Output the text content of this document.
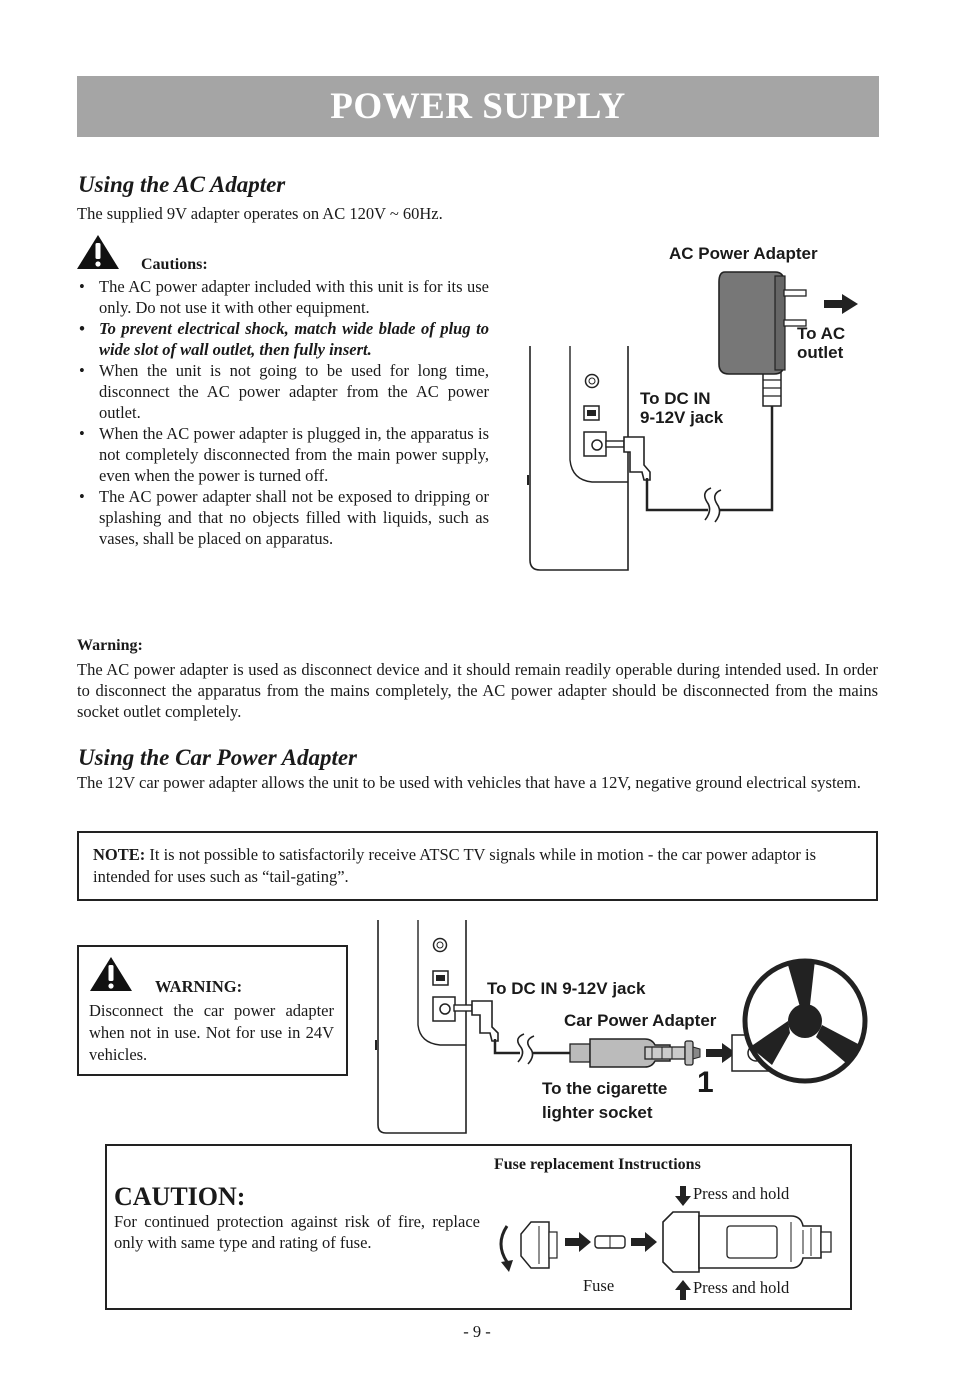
POWER SUPPLY
Using the AC Adapter
The supplied 9V adapter operates on AC 120V ~ 60Hz.
Cautions:
• The AC power adapter included with this unit is for its use only. Do not use it with other equipment.
• To prevent electrical shock, match wide blade of plug to wide slot of wall outlet, then fully insert.
• When the unit is not going to be used for long time, disconnect the AC power adapter from the AC power outlet.
• When the AC power adapter is plugged in, the apparatus is not completely disconnected from the main power supply, even when the power is turned off.
• The AC power adapter shall not be exposed to dripping or splashing and that no objects filled with liquids, such as vases, shall be placed on apparatus.
Warning:
The AC power adapter is used as disconnect device and it should remain readily operable during intended used. In order to disconnect the apparatus from the mains completely, the AC power adapter should be disconnected from the mains socket outlet completely.
AC Power Adapter
To AC
outlet
To DC IN
9-12V jack
Using the Car Power Adapter
The 12V car power adapter allows the unit to be used with vehicles that have a 12V, negative ground electrical system.
NOTE: It is not possible to satisfactorily receive ATSC TV signals while in motion - the car power adaptor is intended for uses such as “tail-gating”.
WARNING:
Disconnect the car power adapter when not in use. Not for use in 24V vehicles.
To DC IN 9-12V jack
Car Power Adapter
To the cigarette 1
lighter socket
CAUTION:
For continued protection against risk of fire, replace only with same type and rating of fuse.
Fuse replacement Instructions
Press and hold
Press and hold
Fuse
- 9 -
